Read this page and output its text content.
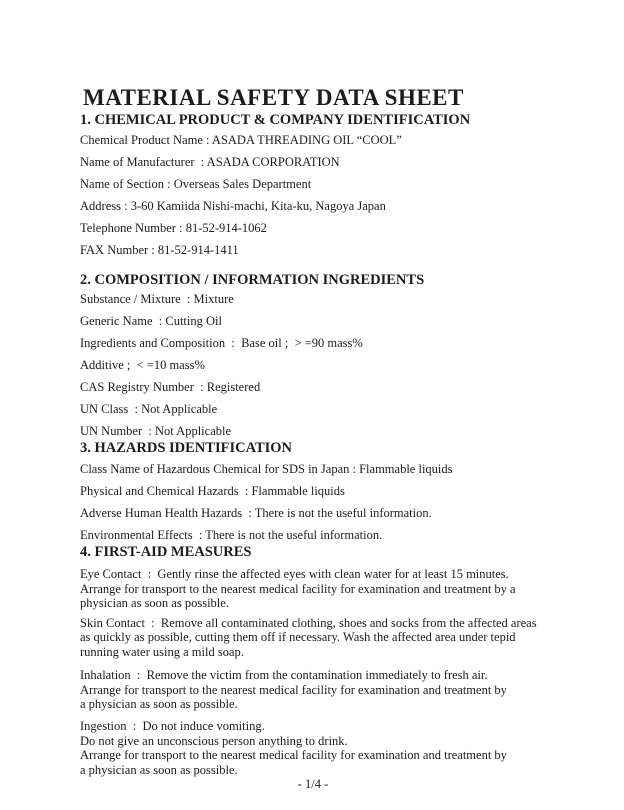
MATERIAL SAFETY DATA SHEET
1. CHEMICAL PRODUCT & COMPANY IDENTIFICATION
Chemical Product Name : ASADA THREADING OIL “COOL”
Name of Manufacturer  : ASADA CORPORATION
Name of Section : Overseas Sales Department
Address : 3-60 Kamiida Nishi-machi, Kita-ku, Nagoya Japan
Telephone Number : 81-52-914-1062
FAX Number : 81-52-914-1411
2. COMPOSITION / INFORMATION INGREDIENTS
Substance / Mixture  : Mixture
Generic Name  : Cutting Oil
Ingredients and Composition  :  Base oil ;  > =90 mass%
Additive ;  < =10 mass%
CAS Registry Number  : Registered
UN Class  : Not Applicable
UN Number  : Not Applicable
3. HAZARDS IDENTIFICATION
Class Name of Hazardous Chemical for SDS in Japan : Flammable liquids
Physical and Chemical Hazards  : Flammable liquids
Adverse Human Health Hazards  : There is not the useful information.
Environmental Effects  : There is not the useful information.
4. FIRST-AID MEASURES
Eye Contact  :  Gently rinse the affected eyes with clean water for at least 15 minutes.
Arrange for transport to the nearest medical facility for examination and treatment by a
physician as soon as possible.
Skin Contact  :  Remove all contaminated clothing, shoes and socks from the affected areas
as quickly as possible, cutting them off if necessary. Wash the affected area under tepid
running water using a mild soap.
Inhalation  :  Remove the victim from the contamination immediately to fresh air.
Arrange for transport to the nearest medical facility for examination and treatment by
a physician as soon as possible.
Ingestion  :  Do not induce vomiting.
Do not give an unconscious person anything to drink.
Arrange for transport to the nearest medical facility for examination and treatment by
a physician as soon as possible.
- 1/4 -
